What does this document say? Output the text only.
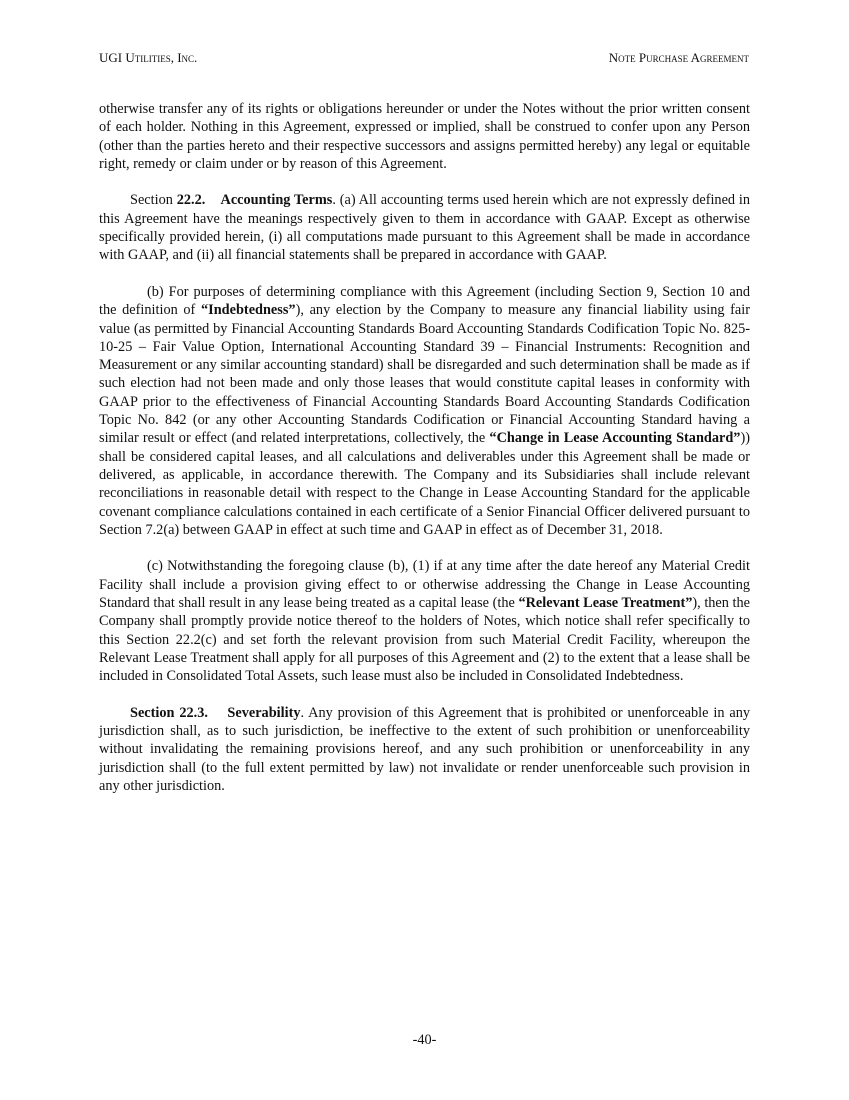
UGI Utilities, Inc.	Note Purchase Agreement

otherwise transfer any of its rights or obligations hereunder or under the Notes without the prior written consent of each holder. Nothing in this Agreement, expressed or implied, shall be construed to confer upon any Person (other than the parties hereto and their respective successors and assigns permitted hereby) any legal or equitable right, remedy or claim under or by reason of this Agreement.

Section 22.2. Accounting Terms. (a) All accounting terms used herein which are not expressly defined in this Agreement have the meanings respectively given to them in accordance with GAAP. Except as otherwise specifically provided herein, (i) all computations made pursuant to this Agreement shall be made in accordance with GAAP, and (ii) all financial statements shall be prepared in accordance with GAAP.

(b) For purposes of determining compliance with this Agreement (including Section 9, Section 10 and the definition of “Indebtedness”), any election by the Company to measure any financial liability using fair value (as permitted by Financial Accounting Standards Board Accounting Standards Codification Topic No. 825-10-25 – Fair Value Option, International Accounting Standard 39 – Financial Instruments: Recognition and Measurement or any similar accounting standard) shall be disregarded and such determination shall be made as if such election had not been made and only those leases that would constitute capital leases in conformity with GAAP prior to the effectiveness of Financial Accounting Standards Board Accounting Standards Codification Topic No. 842 (or any other Accounting Standards Codification or Financial Accounting Standard having a similar result or effect (and related interpretations, collectively, the “Change in Lease Accounting Standard”)) shall be considered capital leases, and all calculations and deliverables under this Agreement shall be made or delivered, as applicable, in accordance therewith. The Company and its Subsidiaries shall include relevant reconciliations in reasonable detail with respect to the Change in Lease Accounting Standard for the applicable covenant compliance calculations contained in each certificate of a Senior Financial Officer delivered pursuant to Section 7.2(a) between GAAP in effect at such time and GAAP in effect as of December 31, 2018.

(c) Notwithstanding the foregoing clause (b), (1) if at any time after the date hereof any Material Credit Facility shall include a provision giving effect to or otherwise addressing the Change in Lease Accounting Standard that shall result in any lease being treated as a capital lease (the “Relevant Lease Treatment”), then the Company shall promptly provide notice thereof to the holders of Notes, which notice shall refer specifically to this Section 22.2(c) and set forth the relevant provision from such Material Credit Facility, whereupon the Relevant Lease Treatment shall apply for all purposes of this Agreement and (2) to the extent that a lease shall be included in Consolidated Total Assets, such lease must also be included in Consolidated Indebtedness.

Section 22.3. Severability. Any provision of this Agreement that is prohibited or unenforceable in any jurisdiction shall, as to such jurisdiction, be ineffective to the extent of such prohibition or unenforceability without invalidating the remaining provisions hereof, and any such prohibition or unenforceability in any jurisdiction shall (to the full extent permitted by law) not invalidate or render unenforceable such provision in any other jurisdiction.

-40-
